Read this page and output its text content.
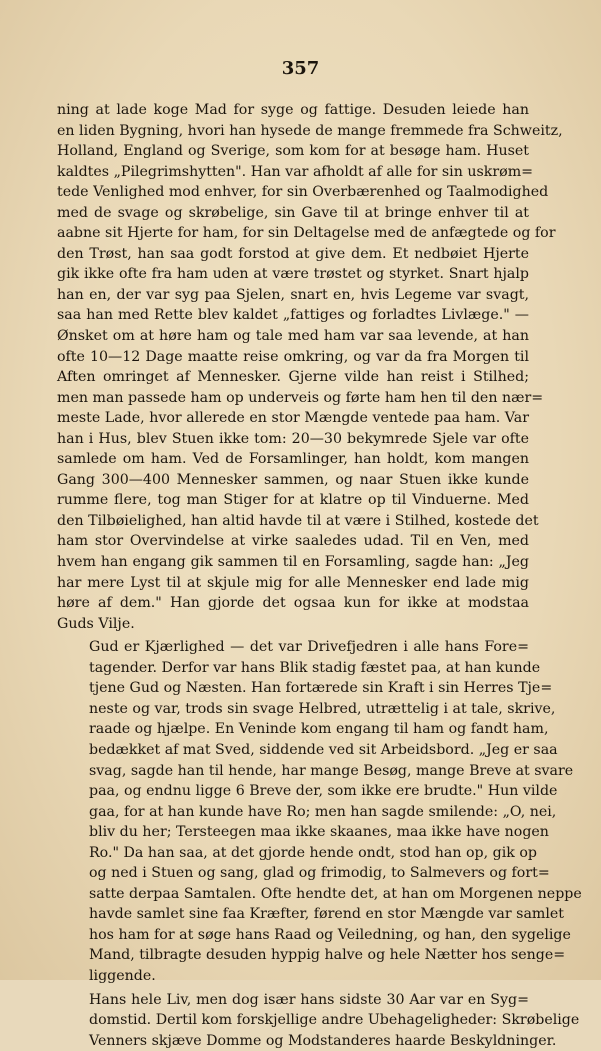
357

ning at lade koge Mad for syge og fattige. Desuden leiede han
en liden Bygning, hvori han hysede de mange fremmede fra Schweitz,
Holland, England og Sverige, som kom for at besøge ham. Huset
kaldtes „Pilegrimshytten". Han var afholdt af alle for sin uskrøm=
tede Venlighed mod enhver, for sin Overbærenhed og Taalmodighed
med de svage og skrøbelige, sin Gave til at bringe enhver til at
aabne sit Hjerte for ham, for sin Deltagelse med de anfægtede og for
den Trøst, han saa godt forstod at give dem. Et nedbøiet Hjerte
gik ikke ofte fra ham uden at være trøstet og styrket. Snart hjalp
han en, der var syg paa Sjelen, snart en, hvis Legeme var svagt,
saa han med Rette blev kaldet „fattiges og forladtes Livlæge." —
Ønsket om at høre ham og tale med ham var saa levende, at han
ofte 10—12 Dage maatte reise omkring, og var da fra Morgen til
Aften omringet af Mennesker. Gjerne vilde han reist i Stilhed;
men man passede ham op underveis og førte ham hen til den nær=
meste Lade, hvor allerede en stor Mængde ventede paa ham. Var
han i Hus, blev Stuen ikke tom: 20—30 bekymrede Sjele var ofte
samlede om ham. Ved de Forsamlinger, han holdt, kom mangen
Gang 300—400 Mennesker sammen, og naar Stuen ikke kunde
rumme flere, tog man Stiger for at klatre op til Vinduerne. Med
den Tilbøielighed, han altid havde til at være i Stilhed, kostede det
ham stor Overvindelse at virke saaledes udad. Til en Ven, med
hvem han engang gik sammen til en Forsamling, sagde han: „Jeg
har mere Lyst til at skjule mig for alle Mennesker end lade mig
høre af dem." Han gjorde det ogsaa kun for ikke at modstaa
Guds Vilje.

Gud er Kjærlighed — det var Drivefjedren i alle hans Fore=
tagender. Derfor var hans Blik stadig fæstet paa, at han kunde
tjene Gud og Næsten. Han fortærede sin Kraft i sin Herres Tje=
neste og var, trods sin svage Helbred, utrættelig i at tale, skrive,
raade og hjælpe. En Veninde kom engang til ham og fandt ham,
bedækket af mat Sved, siddende ved sit Arbeidsbord. „Jeg er saa
svag, sagde han til hende, har mange Besøg, mange Breve at svare
paa, og endnu ligge 6 Breve der, som ikke ere brudte." Hun vilde
gaa, for at han kunde have Ro; men han sagde smilende: „O, nei,
bliv du her; Tersteegen maa ikke skaanes, maa ikke have nogen
Ro." Da han saa, at det gjorde hende ondt, stod han op, gik op
og ned i Stuen og sang, glad og frimodig, to Salmevers og fort=
satte derpaa Samtalen. Ofte hendte det, at han om Morgenen neppe
havde samlet sine faa Kræfter, førend en stor Mængde var samlet
hos ham for at søge hans Raad og Veiledning, og han, den sygelige
Mand, tilbragte desuden hyppig halve og hele Nætter hos senge=
liggende.

Hans hele Liv, men dog især hans sidste 30 Aar var en Syg=
domstid. Dertil kom forskjellige andre Ubehageligheder: Skrøbelige
Venners skjæve Domme og Modstanderes haarde Beskyldninger.
